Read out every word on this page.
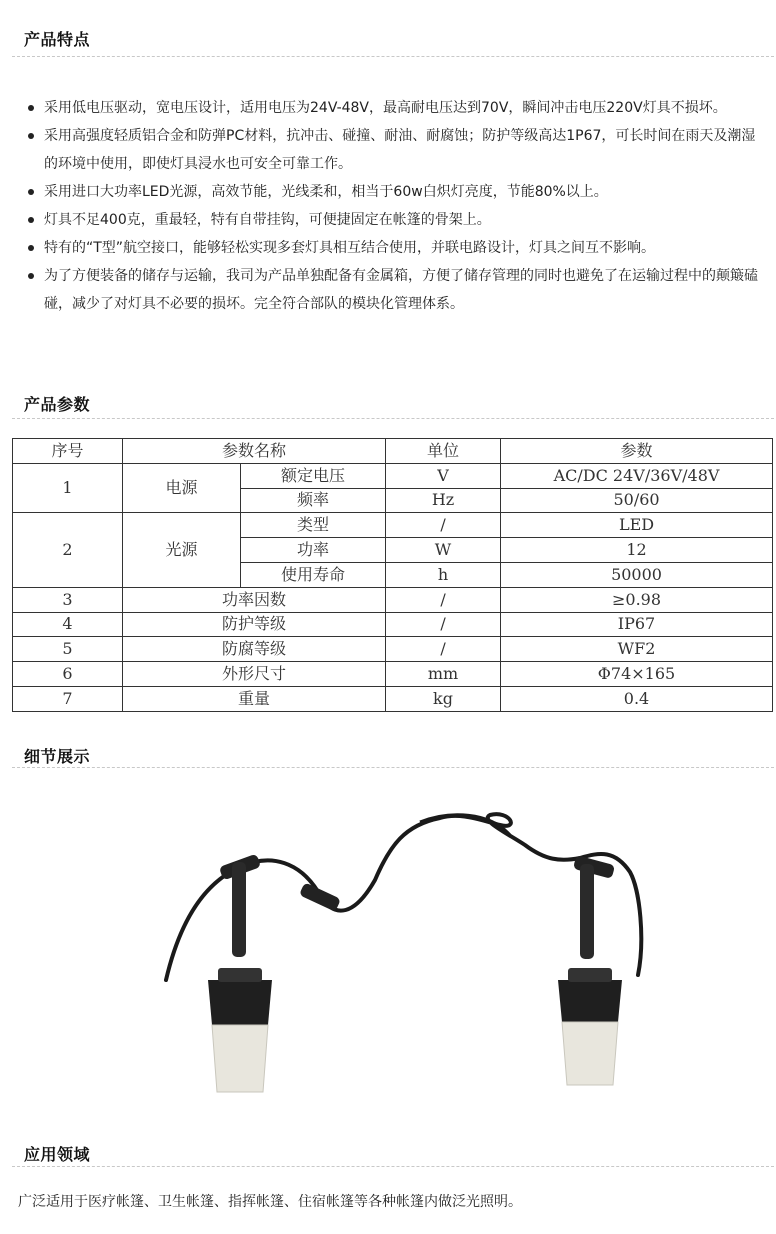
产品特点
采用低电压驱动，宽电压设计，适用电压为24V-48V，最高耐电压达到70V，瞬间冲击电压220V灯具不损坏。
采用高强度轻质铝合金和防弹PC材料，抗冲击、碰撞、耐油、耐腐蚀；防护等级高达1P67，可长时间在雨天及潮湿的环境中使用，即使灯具浸水也可安全可靠工作。
采用进口大功率LED光源，高效节能，光线柔和，相当于60w白炽灯亮度，节能80%以上。
灯具不足400克，重最轻，特有自带挂钩，可便捷固定在帐篷的骨架上。
特有的“T型”航空接口，能够轻松实现多套灯具相互结合使用，并联电路设计，灯具之间互不影响。
为了方便装备的储存与运输，我司为产品单独配备有金属箱，方便了储存管理的同时也避免了在运输过程中的颠簸磕碰，减少了对灯具不必要的损坏。完全符合部队的模块化管理体系。
产品参数
序号	参数名称		单位	参数
1	电源	额定电压	V	AC/DC 24V/36V/48V
		频率	Hz	50/60
2	光源	类型	/	LED
		功率	W	12
		使用寿命	h	50000
3	功率因数		/	≥0.98
4	防护等级		/	IP67
5	防腐等级		/	WF2
6	外形尺寸		mm	Φ74×165
7	重量		kg	0.4
细节展示
应用领域
广泛适用于医疗帐篷、卫生帐篷、指挥帐篷、住宿帐篷等各种帐篷内做泛光照明。
